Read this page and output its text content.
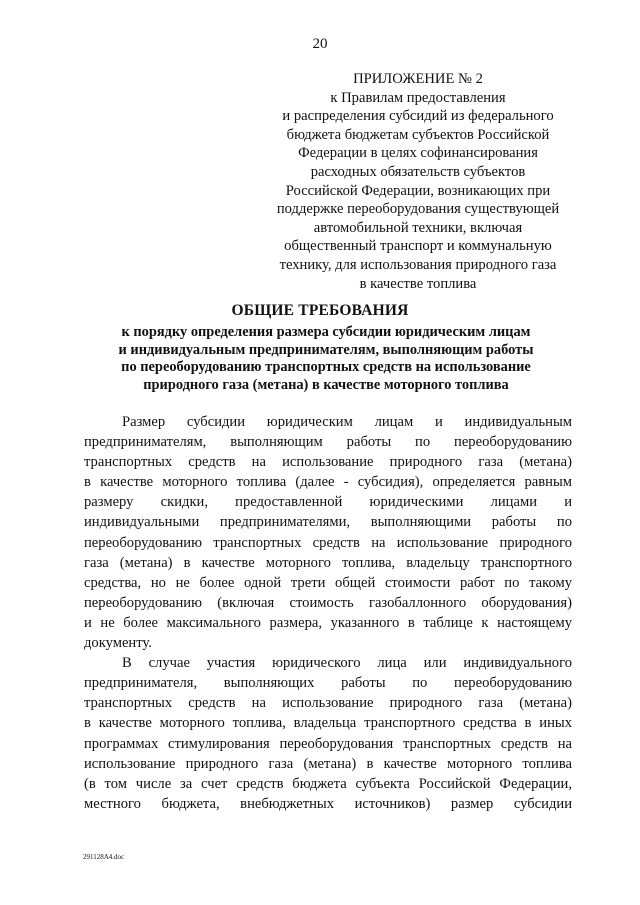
20
ПРИЛОЖЕНИЕ № 2
к Правилам предоставления
и распределения субсидий из федерального
бюджета бюджетам субъектов Российской
Федерации в целях софинансирования
расходных обязательств субъектов
Российской Федерации, возникающих при
поддержке переоборудования существующей
автомобильной техники, включая
общественный транспорт и коммунальную
технику, для использования природного газа
в качестве топлива
ОБЩИЕ ТРЕБОВАНИЯ
к порядку определения размера субсидии юридическим лицам
и индивидуальным предпринимателям, выполняющим работы
по переоборудованию транспортных средств на использование
природного газа (метана) в качестве моторного топлива
Размер субсидии юридическим лицам и индивидуальным
предпринимателям, выполняющим работы по переоборудованию
транспортных средств на использование природного газа (метана)
в качестве моторного топлива (далее - субсидия), определяется равным
размеру скидки, предоставленной юридическими лицами и
индивидуальными предпринимателями, выполняющими работы по
переоборудованию транспортных средств на использование природного
газа (метана) в качестве моторного топлива, владельцу транспортного
средства, но не более одной трети общей стоимости работ по такому
переоборудованию (включая стоимость газобаллонного оборудования)
и не более максимального размера, указанного в таблице к настоящему
документу.
В случае участия юридического лица или индивидуального
предпринимателя, выполняющих работы по переоборудованию
транспортных средств на использование природного газа (метана)
в качестве моторного топлива, владельца транспортного средства в иных
программах стимулирования переоборудования транспортных средств на
использование природного газа (метана) в качестве моторного топлива
(в том числе за счет средств бюджета субъекта Российской Федерации,
местного бюджета, внебюджетных источников) размер субсидии
291128А4.doc
